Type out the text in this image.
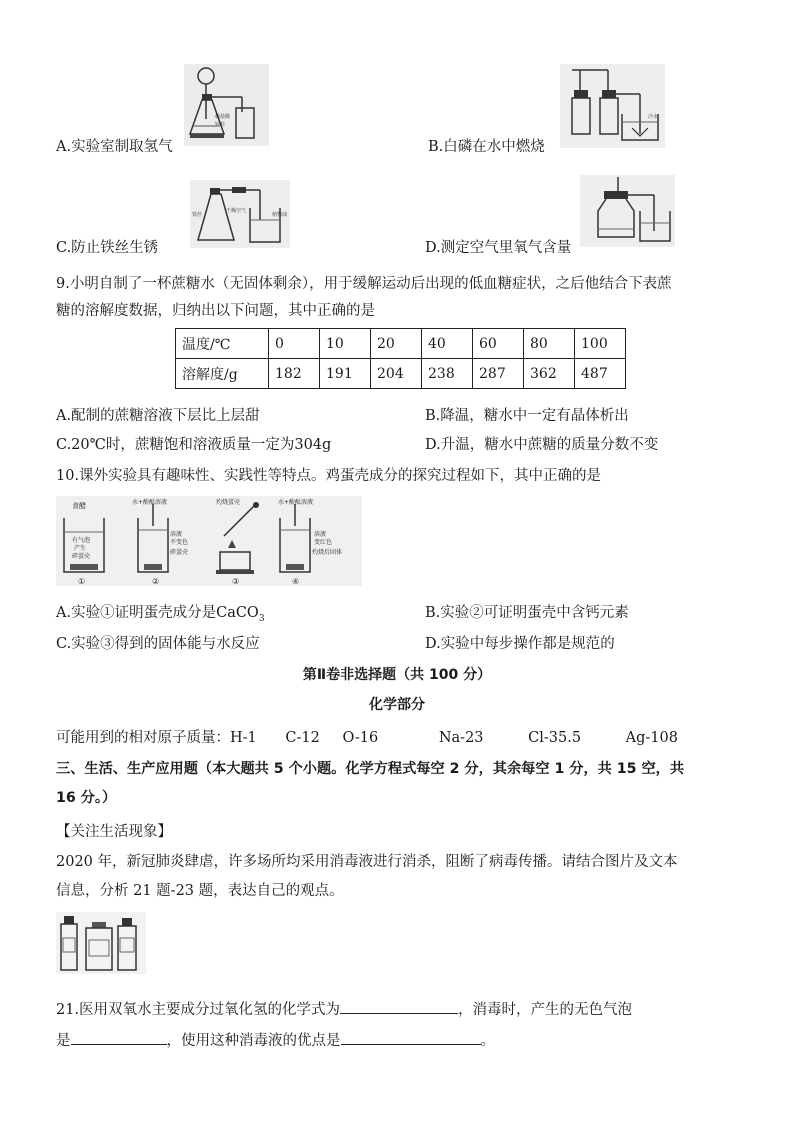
稀盐酸
锌粒
A.实验室制取氢气
冷水
B.白磷在水中燃烧
铁丝
干燥空气
植物油
C.防止铁丝生锈	D.测定空气里氧气含量
9.小明自制了一杯蔗糖水（无固体剩余），用于缓解运动后出现的低血糖症状，之后他结合下表蔗
糖的溶解度数据，归纳出以下问题，其中正确的是
温度/℃	0	10	20	40	60	80	100
溶解度/g	182	191	204	238	287	362	487
A.配制的蔗糖溶液下层比上层甜	B.降温，糖水中一定有晶体析出
C.20℃时，蔗糖饱和溶液质量一定为304g	D.升温，糖水中蔗糖的质量分数不变
10.课外实验具有趣味性、实践性等特点。鸡蛋壳成分的探究过程如下，其中正确的是
食醋
有气泡
产生
碎蛋壳
①
水+酚酞溶液
溶液
不变色
碎蛋壳
②
灼烧蛋壳
③
水+酚酞溶液
溶液
变红色
灼烧后固体
④
A.实验①证明蛋壳成分是CaCO$_3$	B.实验②可证明蛋壳中含钙元素
C.实验③得到的固体能与水反应	D.实验中每步操作都是规范的
第Ⅱ卷非选择题（共 100 分）
化学部分
可能用到的相对原子质量：H-1 C-12 O-16	Na-23	Cl-35.5	Ag-108
三、生活、生产应用题（本大题共 5 个小题。化学方程式每空 2 分，其余每空 1 分，共 15 空，共
16 分。）
【关注生活现象】
2020 年，新冠肺炎肆虐，许多场所均采用消毒液进行消杀，阻断了病毒传播。请结合图片及文本
信息，分析 21 题-23 题，表达自己的观点。
21.医用双氧水主要成分过氧化氢的化学式为	，消毒时，产生的无色气泡
是	，使用这种消毒液的优点是	。
